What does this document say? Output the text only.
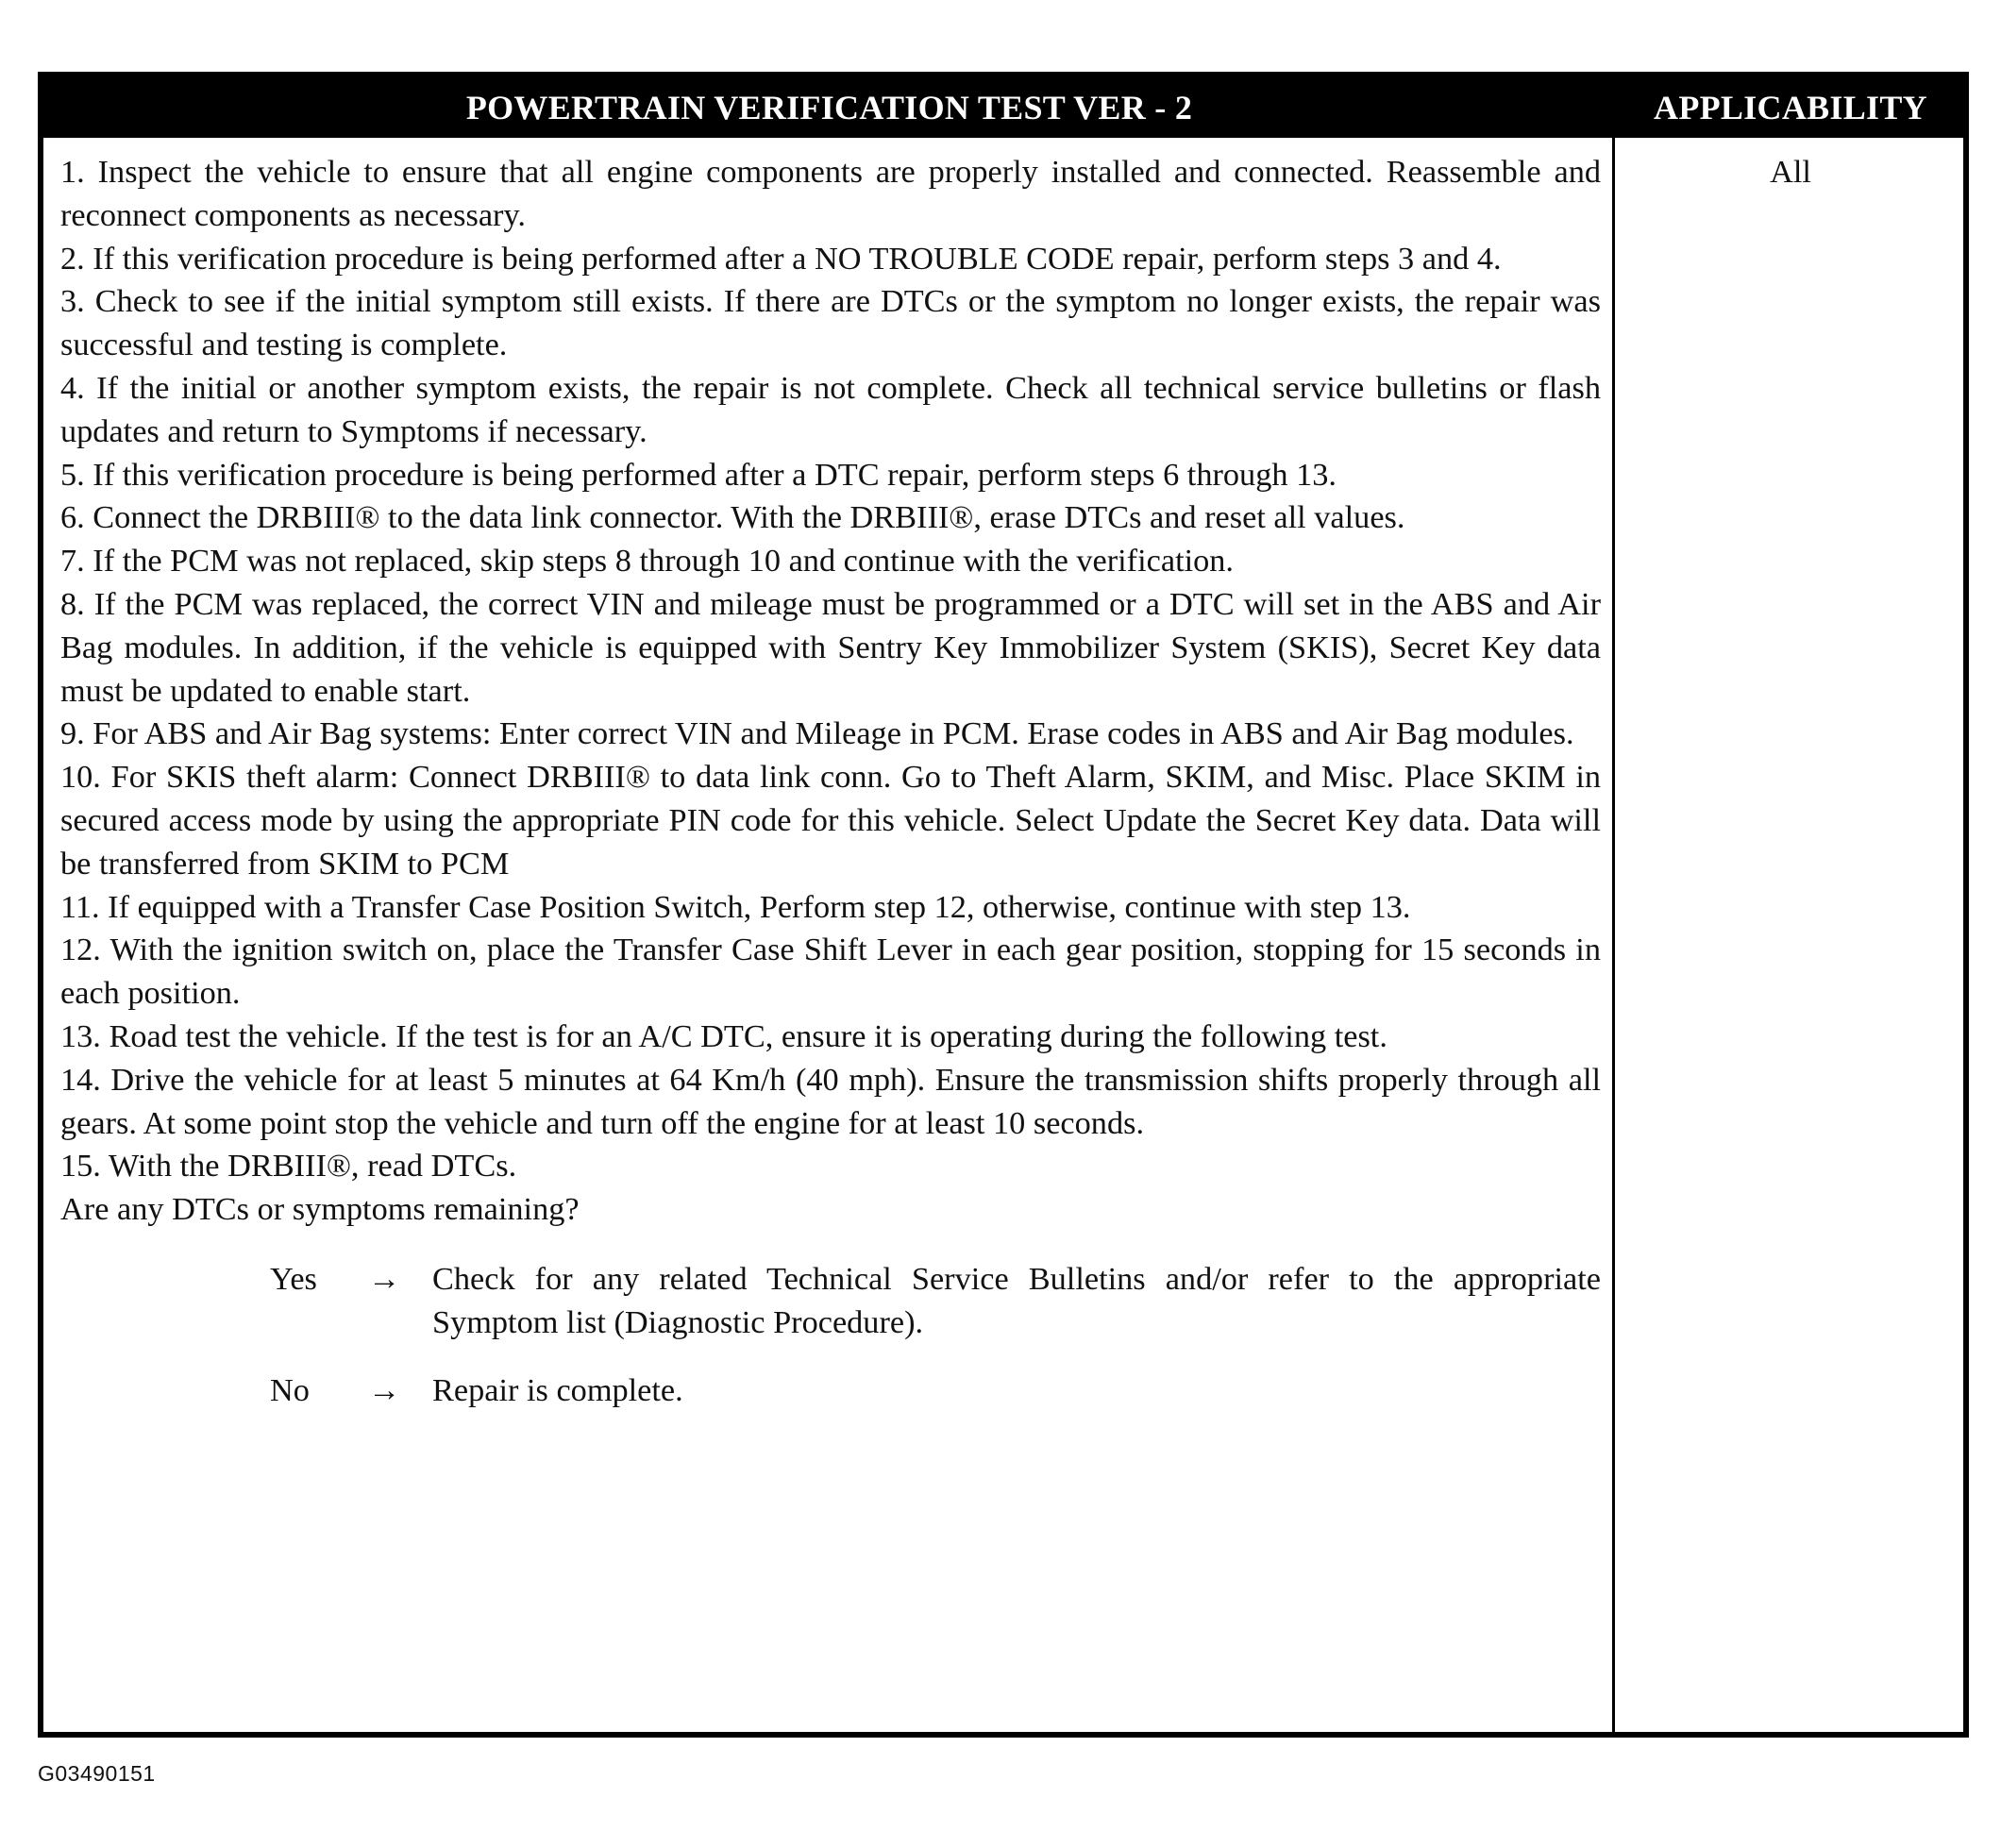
POWERTRAIN VERIFICATION TEST VER - 2	APPLICABILITY

1. Inspect the vehicle to ensure that all engine components are properly installed and connected. Reassemble and reconnect components as necessary.

2. If this verification procedure is being performed after a NO TROUBLE CODE repair, perform steps 3 and 4.

3. Check to see if the initial symptom still exists. If there are DTCs or the symptom no longer exists, the repair was successful and testing is complete.

4. If the initial or another symptom exists, the repair is not complete. Check all technical service bulletins or flash updates and return to Symptoms if necessary.

5. If this verification procedure is being performed after a DTC repair, perform steps 6 through 13.

6. Connect the DRBIII® to the data link connector. With the DRBIII®, erase DTCs and reset all values.

7. If the PCM was not replaced, skip steps 8 through 10 and continue with the verification.

8. If the PCM was replaced, the correct VIN and mileage must be programmed or a DTC will set in the ABS and Air Bag modules. In addition, if the vehicle is equipped with Sentry Key Immobilizer System (SKIS), Secret Key data must be updated to enable start.

9. For ABS and Air Bag systems: Enter correct VIN and Mileage in PCM. Erase codes in ABS and Air Bag modules.

10. For SKIS theft alarm: Connect DRBIII® to data link conn. Go to Theft Alarm, SKIM, and Misc. Place SKIM in secured access mode by using the appropriate PIN code for this vehicle. Select Update the Secret Key data. Data will be transferred from SKIM to PCM

11. If equipped with a Transfer Case Position Switch, Perform step 12, otherwise, continue with step 13.

12. With the ignition switch on, place the Transfer Case Shift Lever in each gear position, stopping for 15 seconds in each position.

13. Road test the vehicle. If the test is for an A/C DTC, ensure it is operating during the following test.

14. Drive the vehicle for at least 5 minutes at 64 Km/h (40 mph). Ensure the transmission shifts properly through all gears. At some point stop the vehicle and turn off the engine for at least 10 seconds.

15. With the DRBIII®, read DTCs.

Are any DTCs or symptoms remaining?

Yes → Check for any related Technical Service Bulletins and/or refer to the appropriate Symptom list (Diagnostic Procedure).
No → Repair is complete.
All
G03490151
